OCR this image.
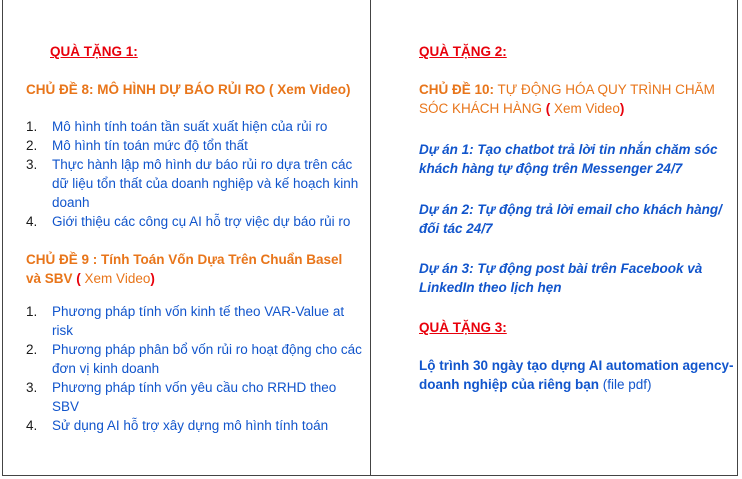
QUÀ TẶNG 1:
CHỦ ĐỀ 8: MÔ HÌNH DỰ BÁO RỦI RO ( Xem Video)
1. Mô hình tính toán tần suất xuất hiện của rủi ro
2. Mô hình tín toán mức độ tổn thất
3. Thực hành lập mô hình dư báo rủi ro dựa trên các dữ liệu tổn thất của doanh nghiệp và kế hoạch kinh doanh
4. Giới thiệu các công cụ AI hỗ trợ việc dự báo rủi ro
CHỦ ĐỀ 9 : Tính Toán Vốn Dựa Trên Chuẩn Basel và SBV ( Xem Video)
1. Phương pháp tính vốn kinh tế theo VAR-Value at risk
2. Phương pháp phân bổ vốn rủi ro hoạt động cho các đơn vị kinh doanh
3. Phương pháp tính vốn yêu cầu cho RRHD theo SBV
4. Sử dụng AI hỗ trợ xây dựng mô hình tính toán
QUÀ TẶNG 2:
CHỦ ĐỀ 10: TỰ ĐỘNG HÓA QUY TRÌNH CHĂM SÓC KHÁCH HÀNG ( Xem Video)
Dự án 1: Tạo chatbot trả lời tin nhắn chăm sóc khách hàng tự động trên Messenger 24/7
Dự án 2: Tự động trả lời email cho khách hàng/ đối tác 24/7
Dự án 3: Tự động post bài trên Facebook và LinkedIn theo lịch hẹn
QUÀ TẶNG 3:
Lộ trình 30 ngày tạo dựng AI automation agency-doanh nghiệp của riêng bạn (file pdf)
